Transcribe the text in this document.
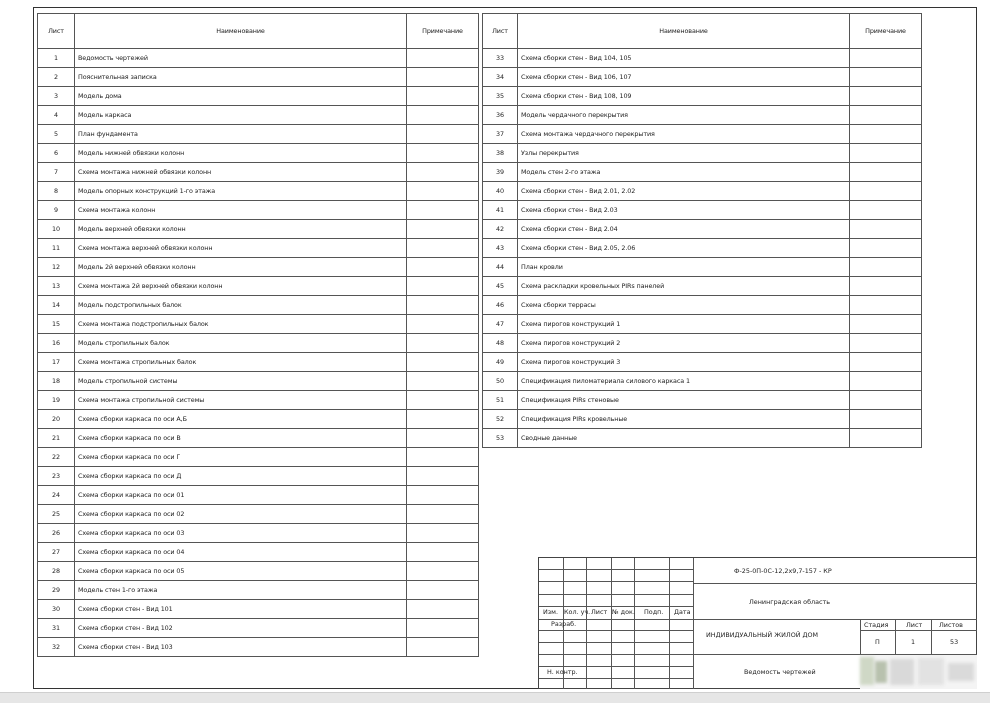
Лист	Наименование	Примечание
1	Ведомость чертежей	
2	Пояснительная записка	
3	Модель дома	
4	Модель каркаса	
5	План фундамента	
6	Модель нижней обвязки колонн	
7	Схема монтажа нижней обвязки колонн	
8	Модель опорных конструкций 1-го этажа	
9	Схема монтажа колонн	
10	Модель верхней обвязки колонн	
11	Схема монтажа верхней обвязки колонн	
12	Модель 2й верхней обвязки колонн	
13	Схема монтажа 2й верхней обвязки колонн	
14	Модель подстропильных балок	
15	Схема монтажа подстропильных балок	
16	Модель стропильных балок	
17	Схема монтажа стропильных балок	
18	Модель стропильной системы	
19	Схема монтажа стропильной системы	
20	Схема сборки каркаса по оси А,Б	
21	Схема сборки каркаса по оси В	
22	Схема сборки каркаса по оси Г	
23	Схема сборки каркаса по оси Д	
24	Схема сборки каркаса по оси 01	
25	Схема сборки каркаса по оси 02	
26	Схема сборки каркаса по оси 03	
27	Схема сборки каркаса по оси 04	
28	Схема сборки каркаса по оси 05	
29	Модель стен 1-го этажа	
30	Схема сборки стен - Вид 101	
31	Схема сборки стен - Вид 102	
32	Схема сборки стен - Вид 103	
Лист	Наименование	Примечание
33	Схема сборки стен - Вид 104, 105	
34	Схема сборки стен - Вид 106, 107	
35	Схема сборки стен - Вид 108, 109	
36	Модель чердачного перекрытия	
37	Схема монтажа чердачного перекрытия	
38	Узлы перекрытия	
39	Модель стен 2-го этажа	
40	Схема сборки стен - Вид 2.01, 2.02	
41	Схема сборки стен - Вид 2.03	
42	Схема сборки стен - Вид 2.04	
43	Схема сборки стен - Вид 2.05, 2.06	
44	План кровли	
45	Схема раскладки кровельных PIRs панелей	
46	Схема сборки террасы	
47	Схема пирогов конструкций 1	
48	Схема пирогов конструкций 2	
49	Схема пирогов конструкций 3	
50	Спецификация пиломатериала силового каркаса 1	
51	Спецификация PIRs стеновые	
52	Спецификация PIRs кровельные	
53	Сводные данные	
Изм. Кол. уч. Лист № док. Подп. Дата
Разраб.
Н. контр.
Ф-25-0П-0С-12,2х9,7-157 - КР
Ленинградская область
ИНДИВИДУАЛЬНЫЙ ЖИЛОЙ ДОМ
Ведомость чертежей
Стадия	Лист	Листов
П	1	53
